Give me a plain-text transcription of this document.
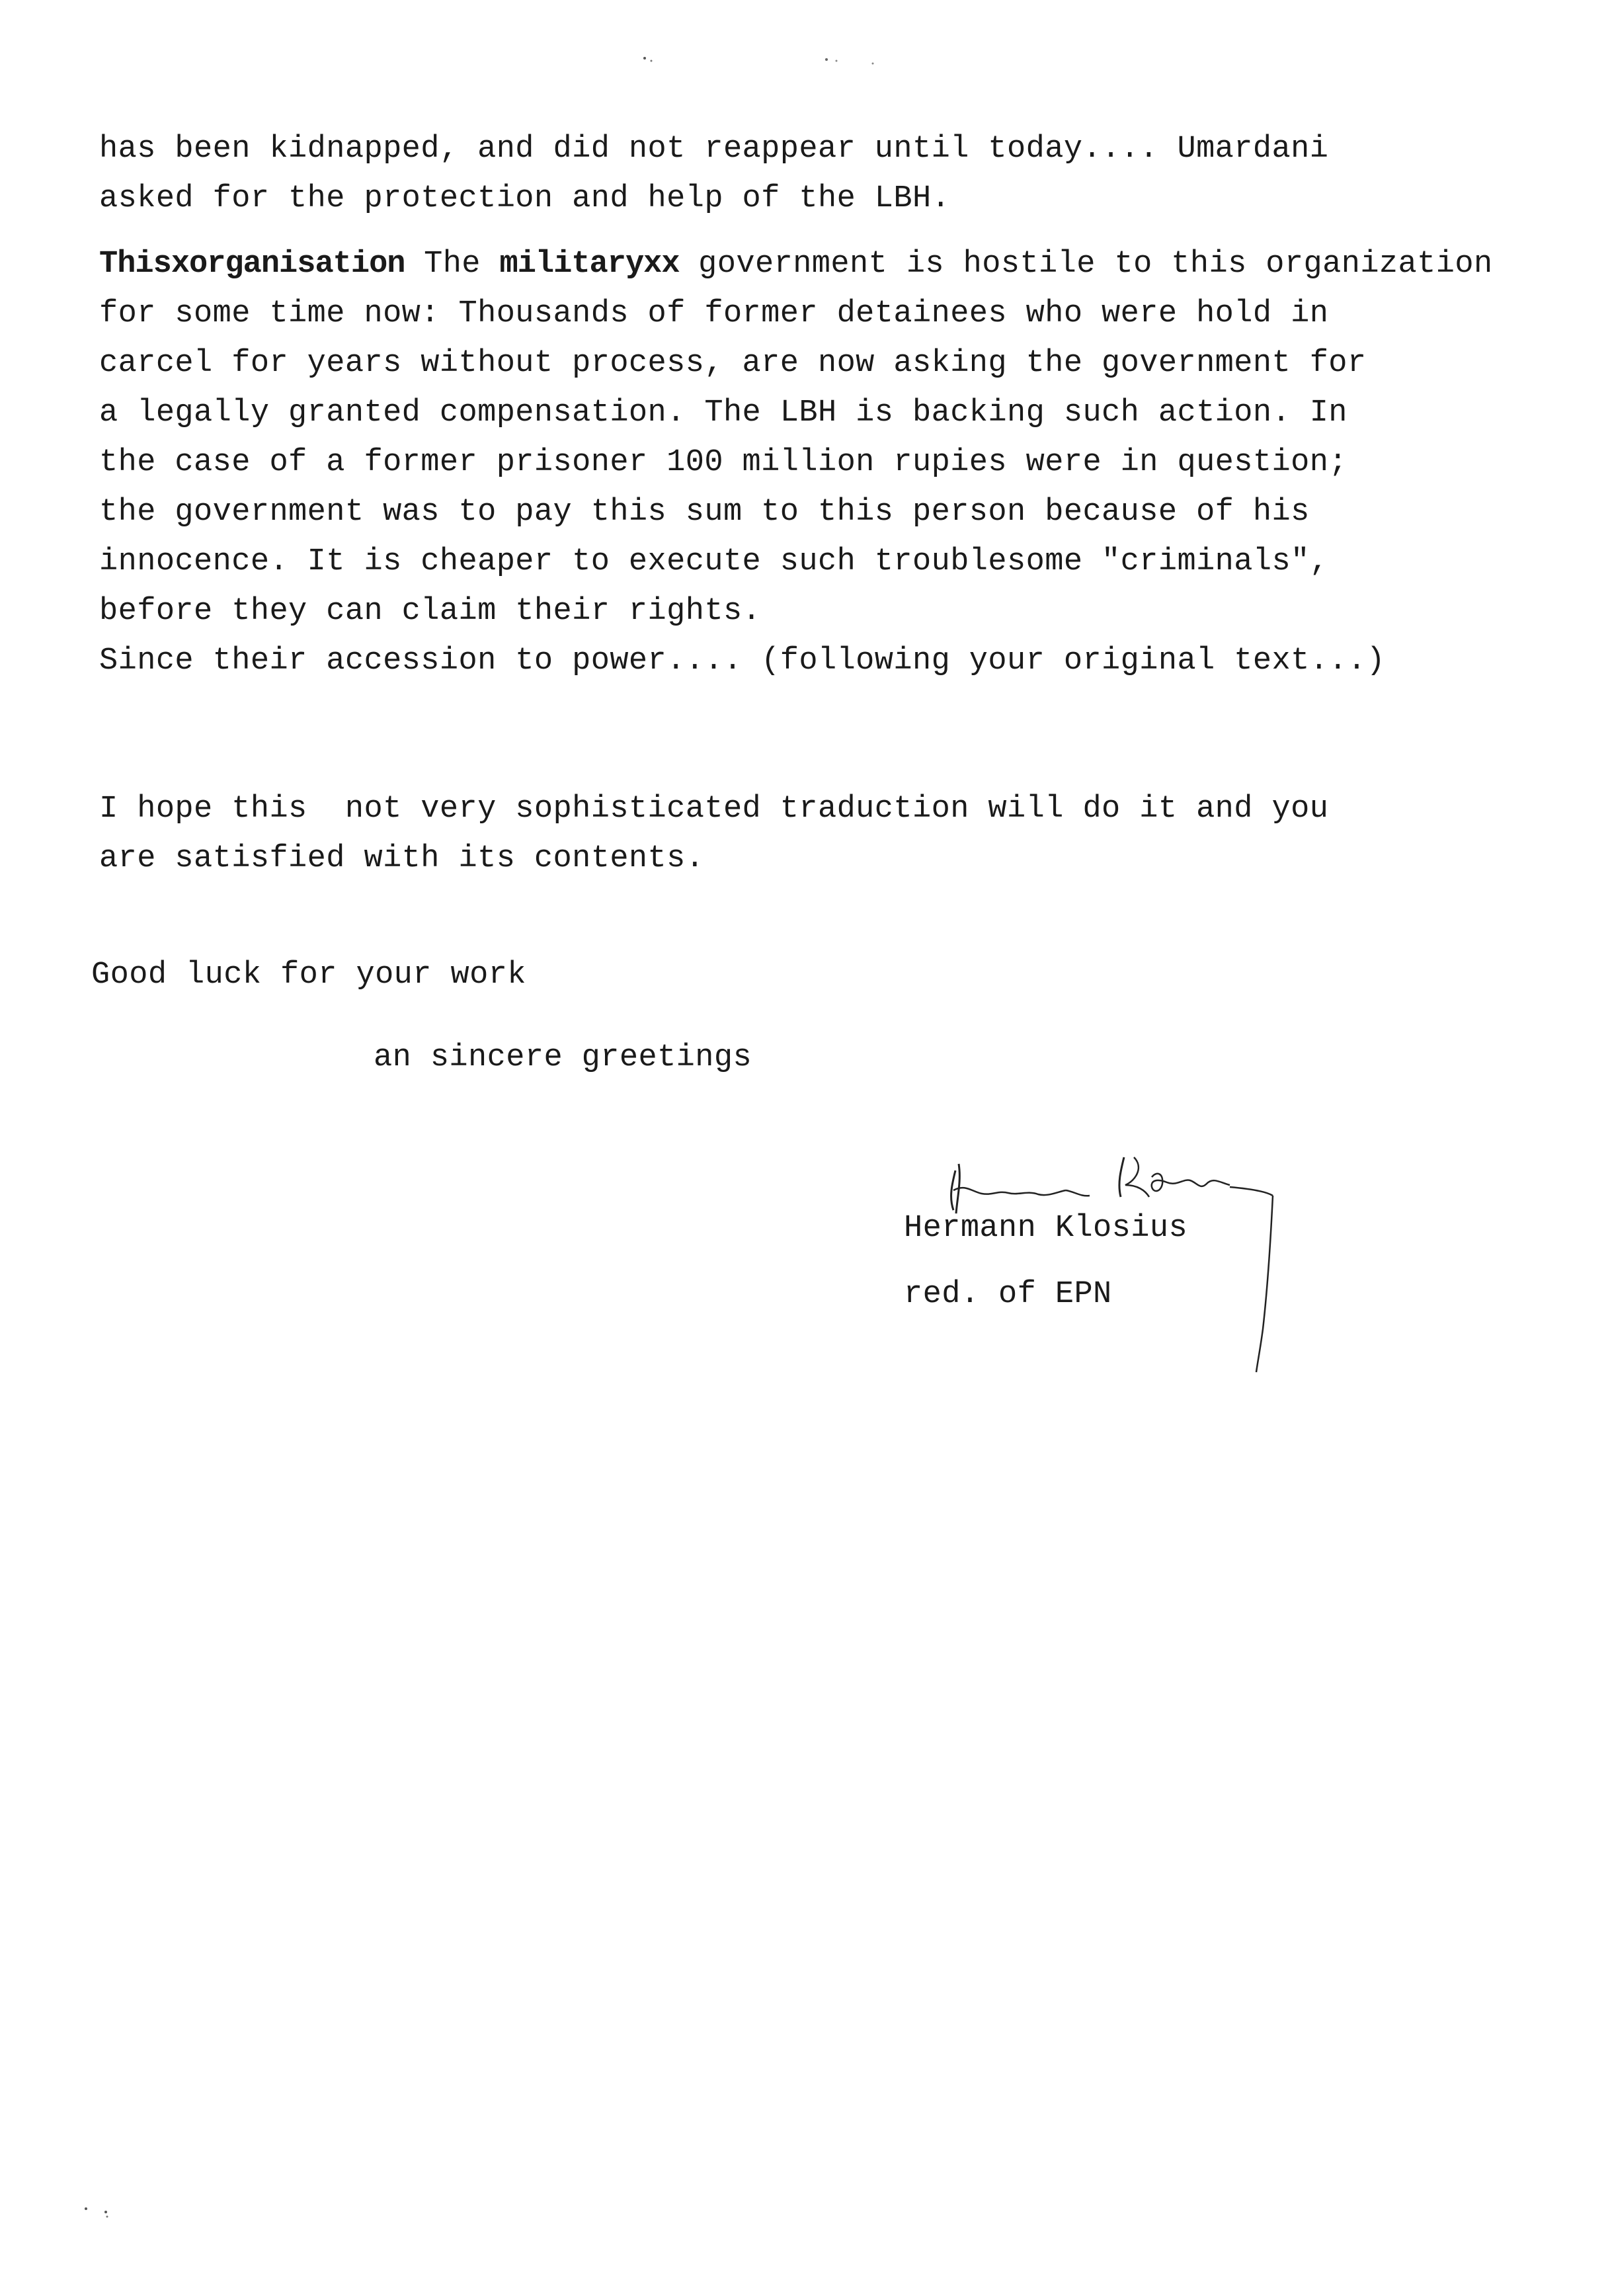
has been kidnapped, and did not reappear until today.... Umardani
asked for the protection and help of the LBH.
Thisxorganisation The militaryxx government is hostile to this organization
for some time now: Thousands of former detainees who were hold in
carcel for years without process, are now asking the government for
a legally granted compensation. The LBH is backing such action. In
the case of a former prisoner 100 million rupies were in question;
the government was to pay this sum to this person because of his
innocence. It is cheaper to execute such troublesome "criminals",
before they can claim their rights.
Since their accession to power.... (following your original text...)
I hope this  not very sophisticated traduction will do it and you
are satisfied with its contents.
Good luck for your work
an sincere greetings
Hermann Klosius
red. of EPN
